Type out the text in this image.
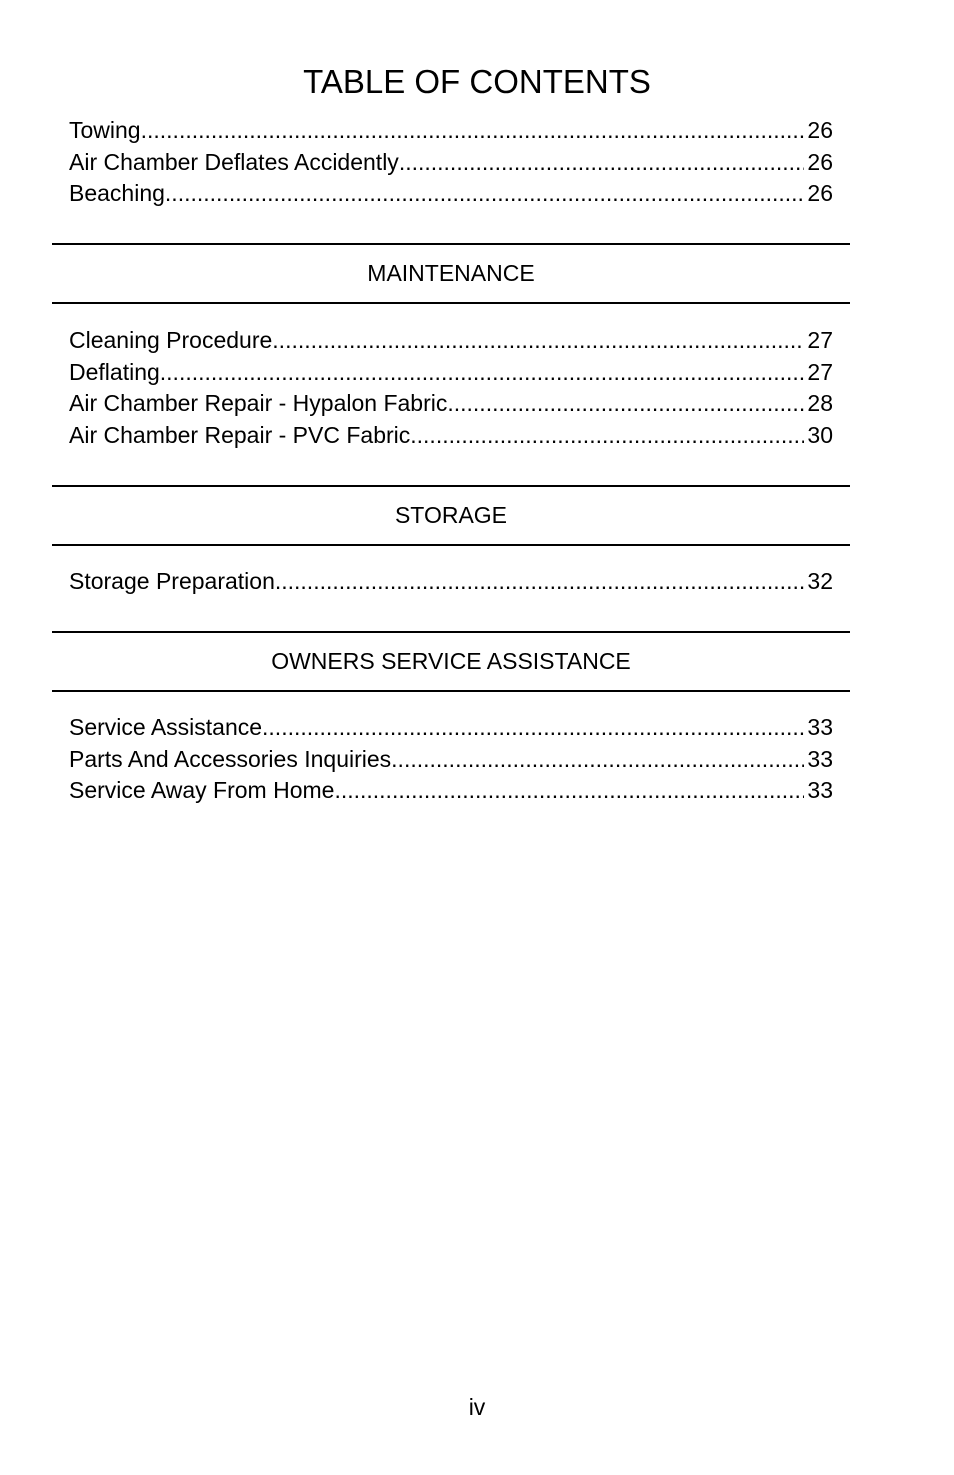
TABLE OF CONTENTS
Towing .....	26
Air Chamber Deflates Accidently .....	26
Beaching .....	26
MAINTENANCE
Cleaning Procedure .....	27
Deflating .....	27
Air Chamber Repair - Hypalon Fabric .....	28
Air Chamber Repair - PVC Fabric .....	30
STORAGE
Storage Preparation .....	32
OWNERS SERVICE ASSISTANCE
Service Assistance .....	33
Parts And Accessories Inquiries .....	33
Service Away From Home .....	33
iv
